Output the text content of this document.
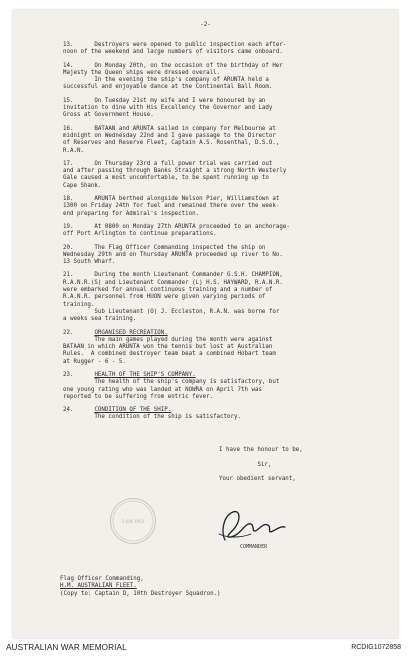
-2-
13.      Destroyers were opened to public inspection each after-
noon of the weekend and large numbers of visitors came onboard.
14.      On Monday 20th, on the occasion of the birthday of Her
Majesty the Queen ships were dressed overall.
In the evening the ship's company of ARUNTA held a
successful and enjoyable dance at the Continental Ball Room.
15.      On Tuesday 21st my wife and I were honoured by an
invitation to dine with His Excellency the Governor and Lady
Gross at Government House.
16.      BATAAN and ARUNTA sailed in company for Melbourne at
midnight on Wednesday 22nd and I gave passage to the Director
of Reserves and Reserve Fleet, Captain A.S. Rosenthal, D.S.O.,
R.A.N.
17.      On Thursday 23rd a full power trial was carried out
and after passing through Banks Straight a strong North Westerly
Gale caused a most uncomfortable, to be spent running up to
Cape Shank.
18.      ARUNTA berthed alongside Nelson Pier, Williamstown at
1300 on Friday 24th for fuel and remained there over the week-
end preparing for Admiral's inspection.
19.      At 0800 on Monday 27th ARUNTA proceeded to an anchorage-
off Port Arlington to continue preparations.
20.      The Flag Officer Commanding inspected the ship on
Wednesday 29th and on Thursday ARUNTA proceeded up river to No.
13 South Wharf.
21.      During the month Lieutenant Commander G.S.H. CHAMPION,
R.A.N.R.(S) and Lieutenant Commander (L) H.S. HAYWARD, R.A.N.R.
were embarked for annual continuous training and a number of
R.A.N.R. personnel from HUON were given varying periods of
training.
Sub Lieutenant (O) J. Eccleston, R.A.N. was borne for
a weeks sea training.
22.	ORGANISED RECREATION.
The main games played during the month were against
BATAAN in which ARUNTA won the tennis but lost at Australian
Rules.  A combined destroyer team beat a combined Hobart team
at Rugger - 6 - 5.
23.	HEALTH OF THE SHIP'S COMPANY.
The health of the ship's company is satisfactory, but
one young rating who was landed at NOWRA on April 7th was
reported to be suffering from entric fever.
24.	CONDITION OF THE SHIP.
The condition of the ship is satisfactory.
3 JUN 1953
I have the honour to be,
Sir,
Your obedient servant,
COMMANDER
Flag Officer Commanding,
H.M. AUSTRALIAN FLEET.
(Copy to: Captain D, 10th Destroyer Squadron.)
AUSTRALIAN WAR MEMORIAL	RCDIG1072858
